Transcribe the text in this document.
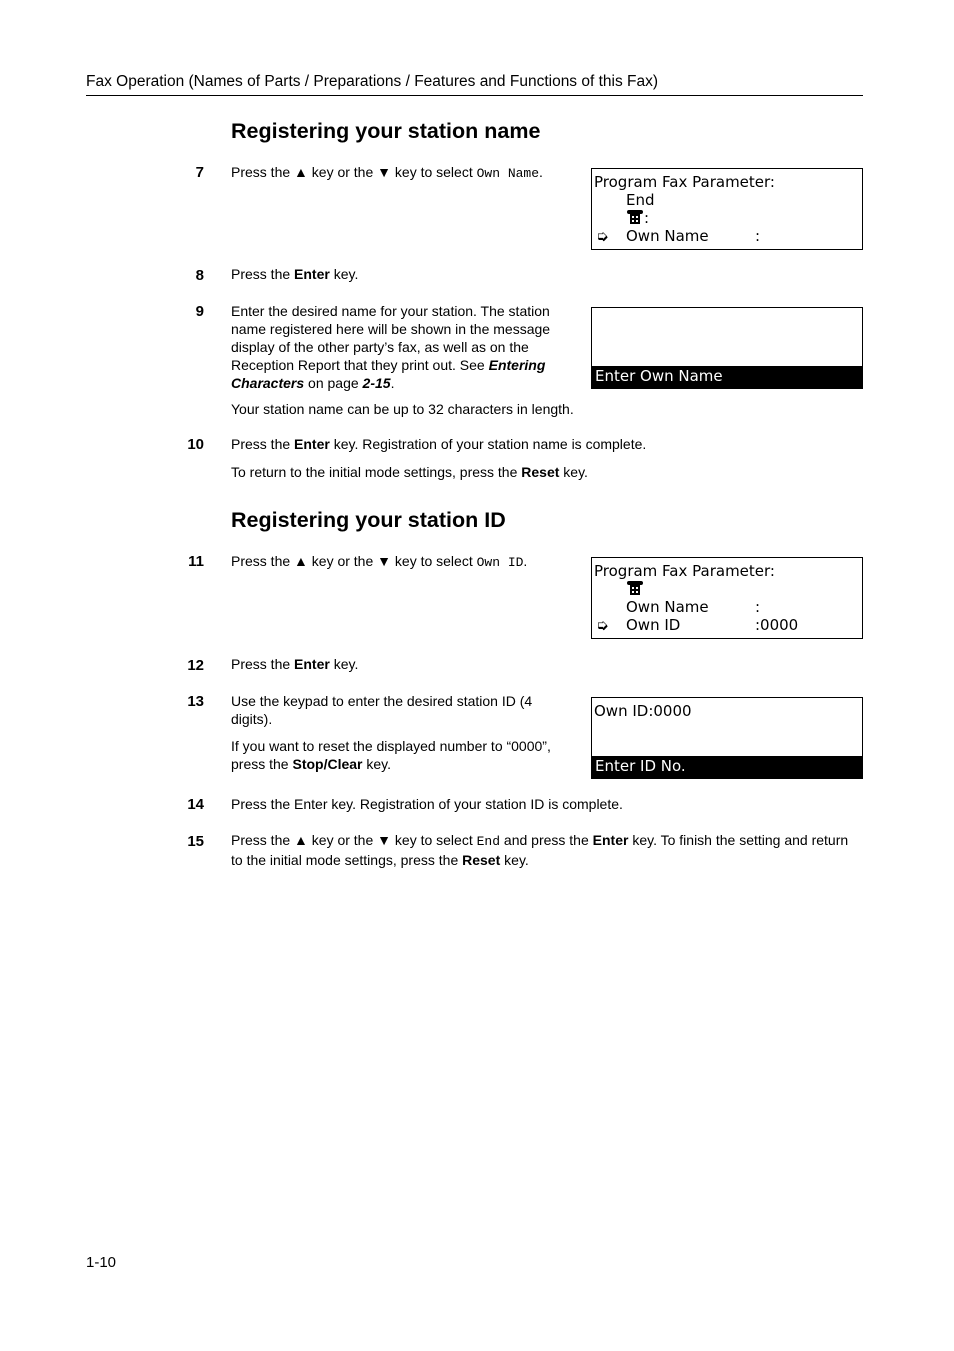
Fax Operation (Names of Parts / Preparations / Features and Functions of this Fax)
Registering your station name
7 Press the ▲ key or the ▼ key to select Own Name.
Program Fax Parameter:
End
:
➭ Own Name	:
8 Press the Enter key.
9 Enter the desired name for your station. The station
name registered here will be shown in the message
display of the other party’s fax, as well as on the
Reception Report that they print out. See Entering
Characters on page 2-15.
Your station name can be up to 32 characters in length.
Enter Own Name
10 Press the Enter key. Registration of your station name is complete.
To return to the initial mode settings, press the Reset key.
Registering your station ID
11 Press the ▲ key or the ▼ key to select Own ID.
Program Fax Parameter:
Own Name	:
➭ Own ID	:0000
12 Press the Enter key.
13 Use the keypad to enter the desired station ID (4
digits).
If you want to reset the displayed number to “0000”,
press the Stop/Clear key.
Own ID:0000
Enter ID No.
14 Press the Enter key. Registration of your station ID is complete.
15 Press the ▲ key or the ▼ key to select End and press the Enter key. To finish the setting and return
to the initial mode settings, press the Reset key.
1-10
